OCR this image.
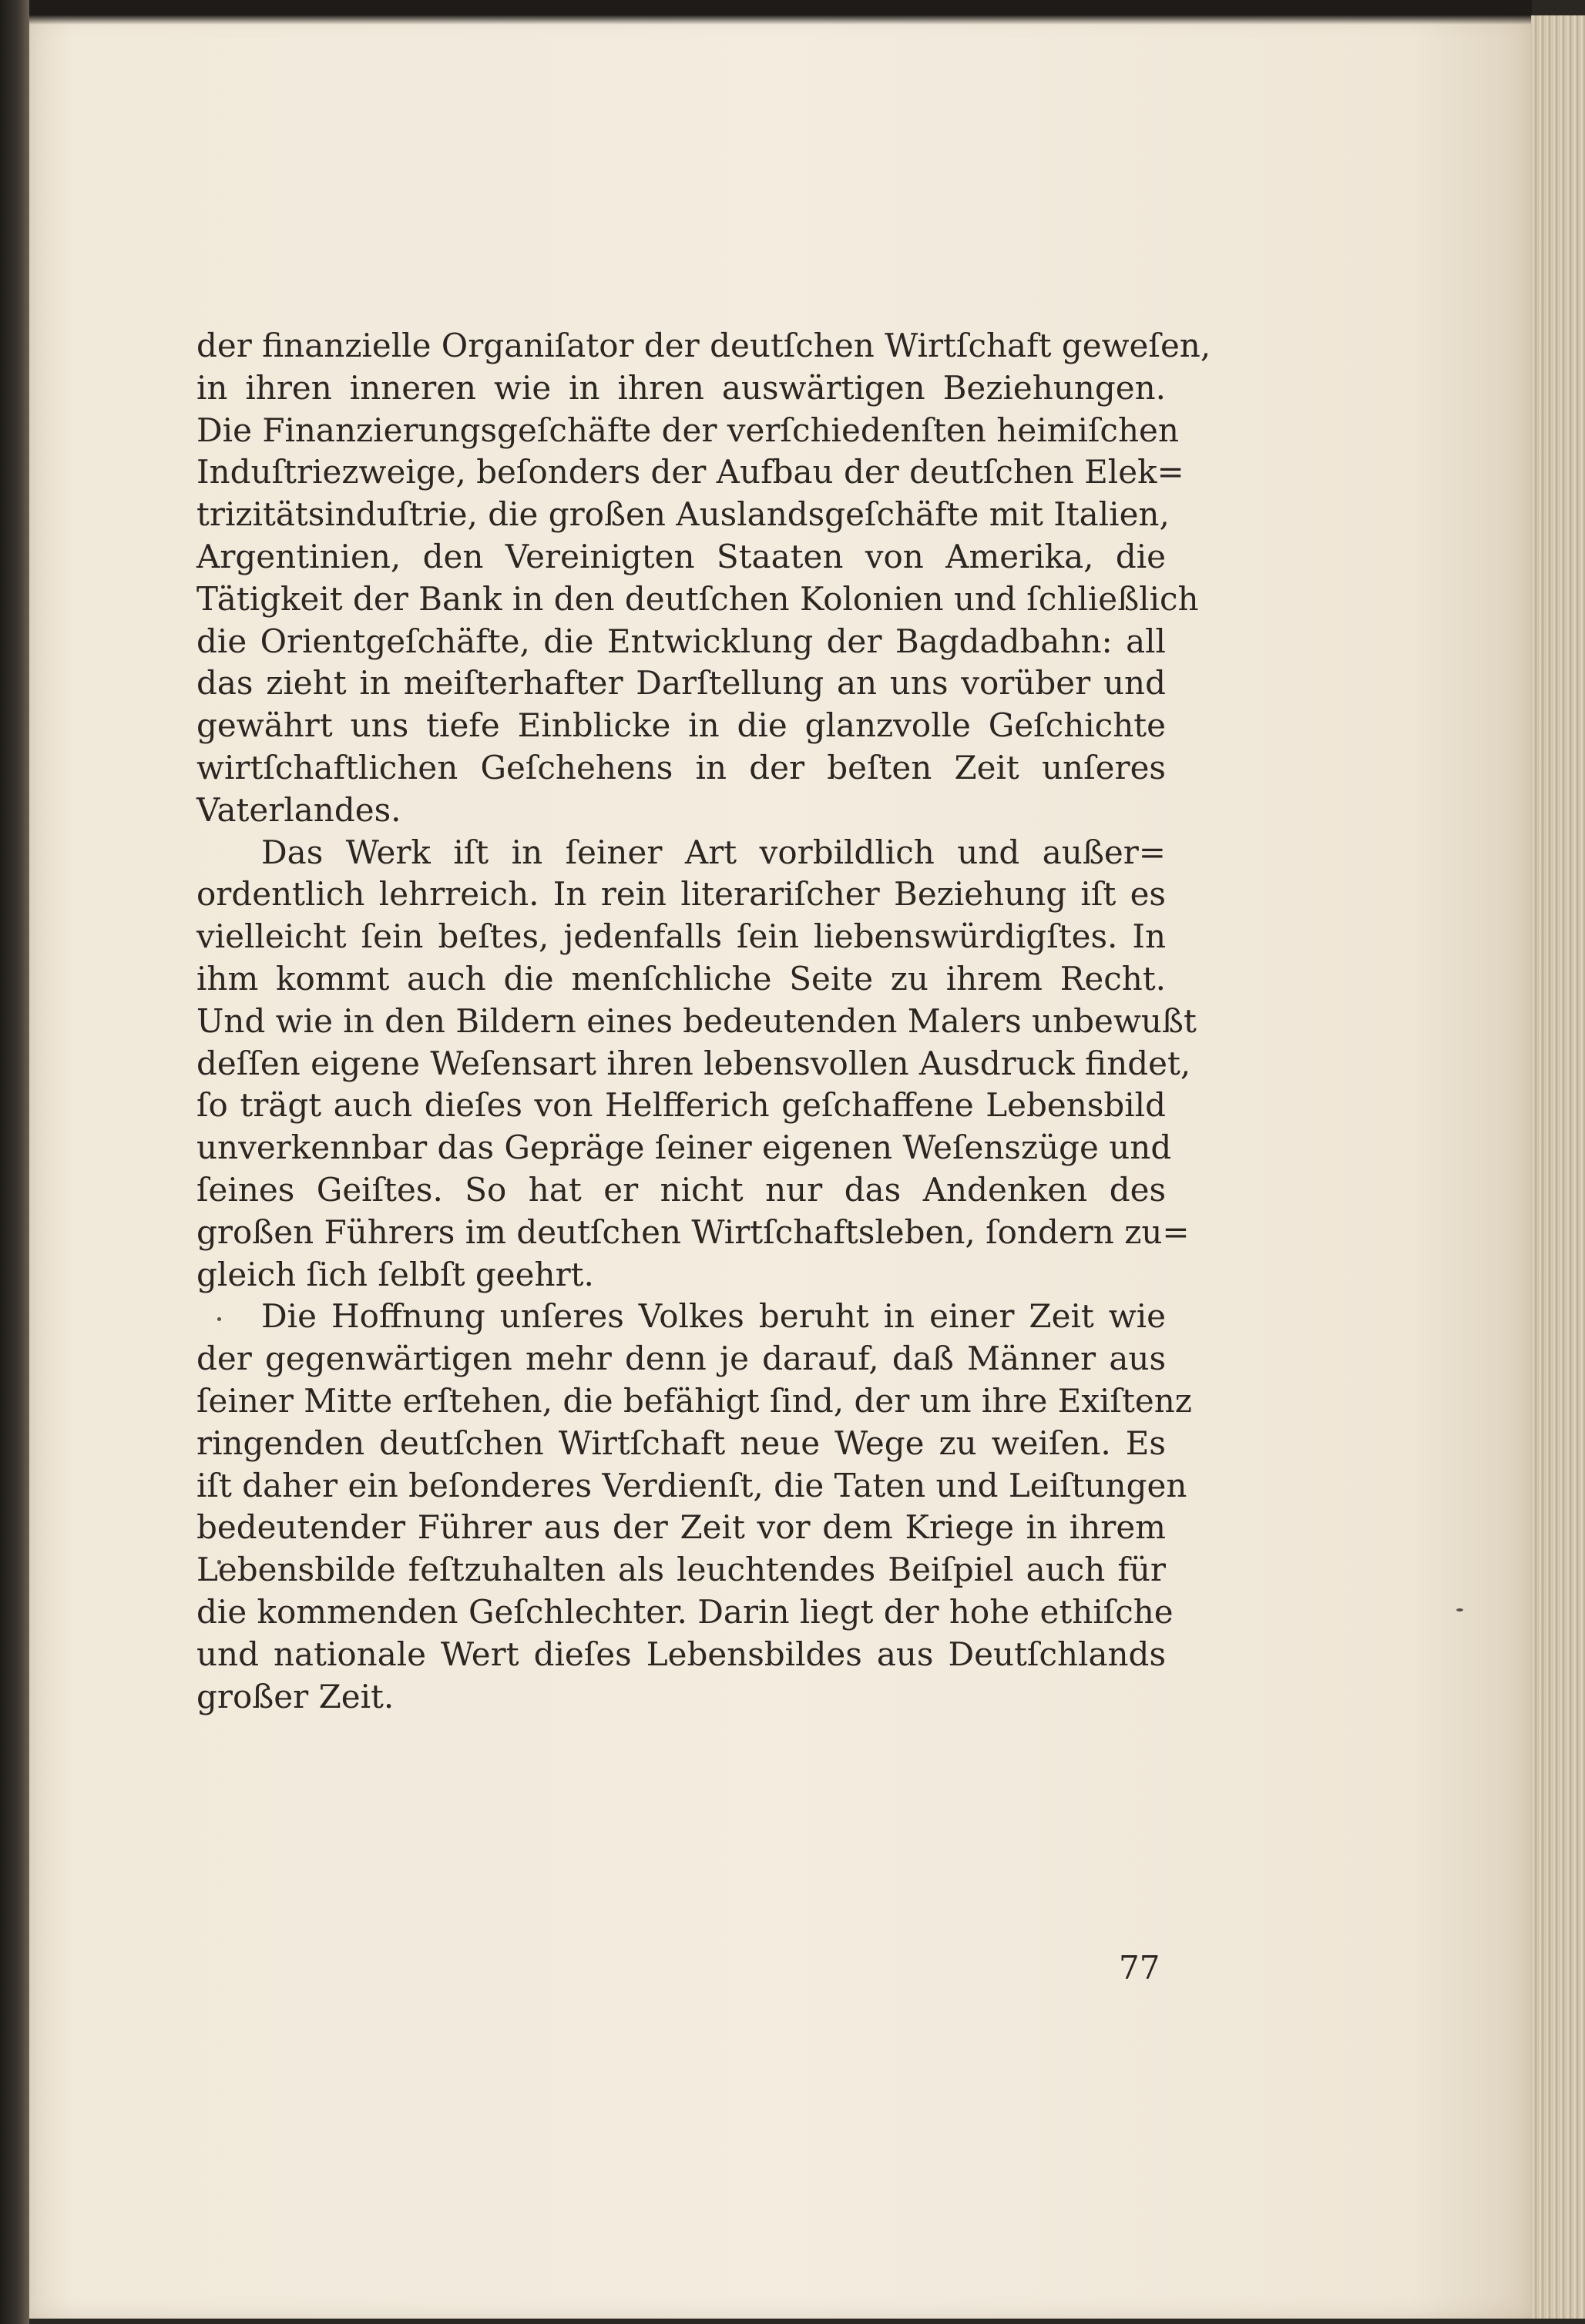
der finanzielle Organiſator der deutſchen Wirtſchaft geweſen,
in ihren inneren wie in ihren auswärtigen Beziehungen.
Die Finanzierungsgeſchäfte der verſchiedenſten heimiſchen
Induſtriezweige, beſonders der Aufbau der deutſchen Elek=
trizitätsinduſtrie, die großen Auslandsgeſchäfte mit Italien,
Argentinien, den Vereinigten Staaten von Amerika, die
Tätigkeit der Bank in den deutſchen Kolonien und ſchließlich
die Orientgeſchäfte, die Entwicklung der Bagdadbahn: all
das zieht in meiſterhafter Darſtellung an uns vorüber und
gewährt uns tiefe Einblicke in die glanzvolle Geſchichte
wirtſchaftlichen Geſchehens in der beſten Zeit unſeres
Vaterlandes.
Das Werk iſt in ſeiner Art vorbildlich und außer=
ordentlich lehrreich. In rein literariſcher Beziehung iſt es
vielleicht ſein beſtes, jedenfalls ſein liebenswürdigſtes. In
ihm kommt auch die menſchliche Seite zu ihrem Recht.
Und wie in den Bildern eines bedeutenden Malers unbewußt
deſſen eigene Weſensart ihren lebensvollen Ausdruck findet,
ſo trägt auch dieſes von Helfferich geſchaffene Lebensbild
unverkennbar das Gepräge ſeiner eigenen Weſenszüge und
ſeines Geiſtes. So hat er nicht nur das Andenken des
großen Führers im deutſchen Wirtſchaftsleben, ſondern zu=
gleich ſich ſelbſt geehrt.
Die Hoffnung unſeres Volkes beruht in einer Zeit wie
der gegenwärtigen mehr denn je darauf, daß Männer aus
ſeiner Mitte erſtehen, die befähigt ſind, der um ihre Exiſtenz
ringenden deutſchen Wirtſchaft neue Wege zu weiſen. Es
iſt daher ein beſonderes Verdienſt, die Taten und Leiſtungen
bedeutender Führer aus der Zeit vor dem Kriege in ihrem
Lebensbilde feſtzuhalten als leuchtendes Beiſpiel auch für
die kommenden Geſchlechter. Darin liegt der hohe ethiſche
und nationale Wert dieſes Lebensbildes aus Deutſchlands
großer Zeit.
77
